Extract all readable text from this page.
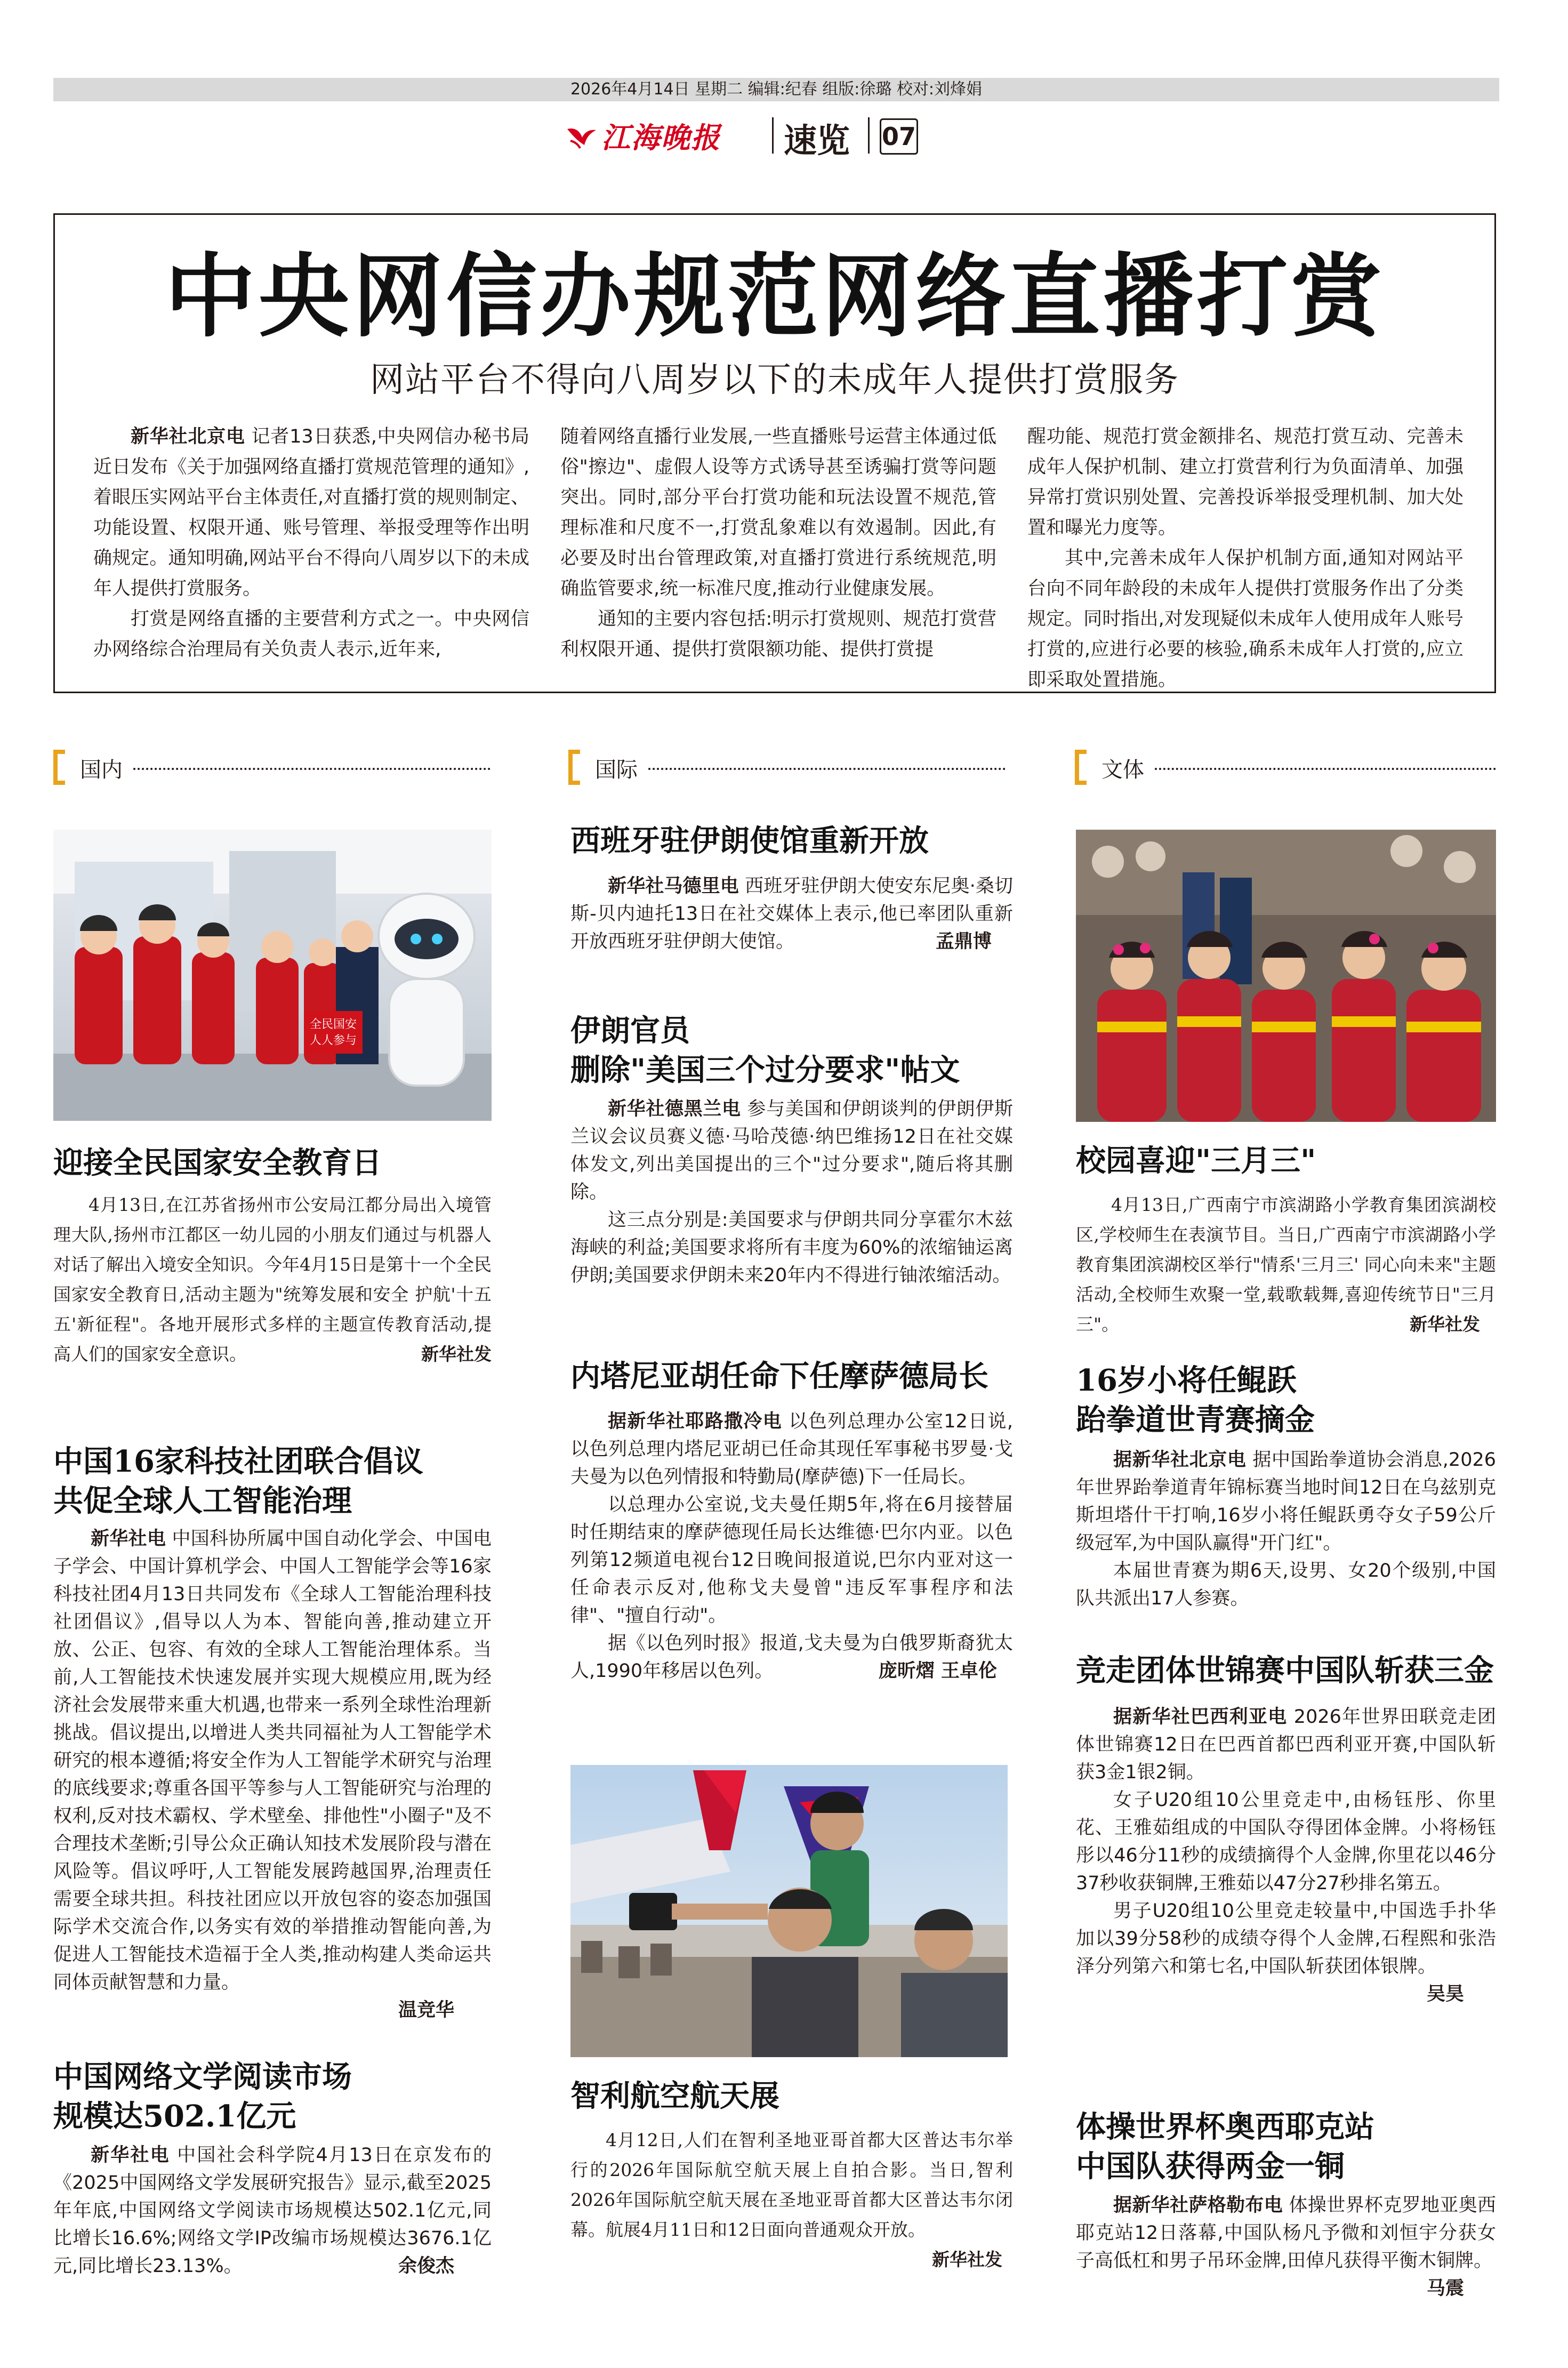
2026年4月14日 星期二 编辑:纪春 组版:徐璐 校对:刘烽娟
江海晚报 速览 07
中央网信办规范网络直播打赏
网站平台不得向八周岁以下的未成年人提供打赏服务

新华社北京电 记者13日获悉,中央网信办秘书局近日发布《关于加强网络直播打赏规范管理的通知》,着眼压实网站平台主体责任,对直播打赏的规则制定、功能设置、权限开通、账号管理、举报受理等作出明确规定。通知明确,网站平台不得向八周岁以下的未成年人提供打赏服务。

打赏是网络直播的主要营利方式之一。中央网信办网络综合治理局有关负责人表示,近年来,

随着网络直播行业发展,一些直播账号运营主体通过低俗"擦边"、虚假人设等方式诱导甚至诱骗打赏等问题突出。同时,部分平台打赏功能和玩法设置不规范,管理标准和尺度不一,打赏乱象难以有效遏制。因此,有必要及时出台管理政策,对直播打赏进行系统规范,明确监管要求,统一标准尺度,推动行业健康发展。

通知的主要内容包括:明示打赏规则、规范打赏营利权限开通、提供打赏限额功能、提供打赏提

醒功能、规范打赏金额排名、规范打赏互动、完善未成年人保护机制、建立打赏营利行为负面清单、加强异常打赏识别处置、完善投诉举报受理机制、加大处置和曝光力度等。

其中,完善未成年人保护机制方面,通知对网站平台向不同年龄段的未成年人提供打赏服务作出了分类规定。同时指出,对发现疑似未成年人使用成年人账号打赏的,应进行必要的核验,确系未成年人打赏的,应立即采取处置措施。

国内	国际	文体
全民国安
人人参与
迎接全民国家安全教育日

4月13日,在江苏省扬州市公安局江都分局出入境管理大队,扬州市江都区一幼儿园的小朋友们通过与机器人对话了解出入境安全知识。今年4月15日是第十一个全民国家安全教育日,活动主题为"统筹发展和安全 护航'十五五'新征程"。各地开展形式多样的主题宣传教育活动,提高人们的国家安全意识。	新华社发

中国16家科技社团联合倡议
共促全球人工智能治理

新华社电 中国科协所属中国自动化学会、中国电子学会、中国计算机学会、中国人工智能学会等16家科技社团4月13日共同发布《全球人工智能治理科技社团倡议》,倡导以人为本、智能向善,推动建立开放、公正、包容、有效的全球人工智能治理体系。当前,人工智能技术快速发展并实现大规模应用,既为经济社会发展带来重大机遇,也带来一系列全球性治理新挑战。倡议提出,以增进人类共同福祉为人工智能学术研究的根本遵循;将安全作为人工智能学术研究与治理的底线要求;尊重各国平等参与人工智能研究与治理的权利,反对技术霸权、学术壁垒、排他性"小圈子"及不合理技术垄断;引导公众正确认知技术发展阶段与潜在风险等。倡议呼吁,人工智能发展跨越国界,治理责任需要全球共担。科技社团应以开放包容的姿态加强国际学术交流合作,以务实有效的举措推动智能向善,为促进人工智能技术造福于全人类,推动构建人类命运共同体贡献智慧和力量。

温竞华
中国网络文学阅读市场
规模达502.1亿元

新华社电 中国社会科学院4月13日在京发布的《2025中国网络文学发展研究报告》显示,截至2025年年底,中国网络文学阅读市场规模达502.1亿元,同比增长16.6%;网络文学IP改编市场规模达3676.1亿元,同比增长23.13%。	余俊杰
西班牙驻伊朗使馆重新开放

新华社马德里电 西班牙驻伊朗大使安东尼奥·桑切斯-贝内迪托13日在社交媒体上表示,他已率团队重新开放西班牙驻伊朗大使馆。	孟鼎博

伊朗官员
删除"美国三个过分要求"帖文

新华社德黑兰电 参与美国和伊朗谈判的伊朗伊斯兰议会议员赛义德·马哈茂德·纳巴维扬12日在社交媒体发文,列出美国提出的三个"过分要求",随后将其删除。

这三点分别是:美国要求与伊朗共同分享霍尔木兹海峡的利益;美国要求将所有丰度为60%的浓缩铀运离伊朗;美国要求伊朗未来20年内不得进行铀浓缩活动。

内塔尼亚胡任命下任摩萨德局长

据新华社耶路撒冷电 以色列总理办公室12日说,以色列总理内塔尼亚胡已任命其现任军事秘书罗曼·戈夫曼为以色列情报和特勤局(摩萨德)下一任局长。

以总理办公室说,戈夫曼任期5年,将在6月接替届时任期结束的摩萨德现任局长达维德·巴尔内亚。以色列第12频道电视台12日晚间报道说,巴尔内亚对这一任命表示反对,他称戈夫曼曾"违反军事程序和法律"、"擅自行动"。

据《以色列时报》报道,戈夫曼为白俄罗斯裔犹太人,1990年移居以色列。	庞昕熠 王卓伦

智利航空航天展

4月12日,人们在智利圣地亚哥首都大区普达韦尔举行的2026年国际航空航天展上自拍合影。当日,智利2026年国际航空航天展在圣地亚哥首都大区普达韦尔闭幕。航展4月11日和12日面向普通观众开放。
新华社发

校园喜迎"三月三"

4月13日,广西南宁市滨湖路小学教育集团滨湖校区,学校师生在表演节目。当日,广西南宁市滨湖路小学教育集团滨湖校区举行"情系'三月三' 同心向未来"主题活动,全校师生欢聚一堂,载歌载舞,喜迎传统节日"三月三"。	新华社发

16岁小将任鲲跃
跆拳道世青赛摘金

据新华社北京电 据中国跆拳道协会消息,2026年世界跆拳道青年锦标赛当地时间12日在乌兹别克斯坦塔什干打响,16岁小将任鲲跃勇夺女子59公斤级冠军,为中国队赢得"开门红"。

本届世青赛为期6天,设男、女20个级别,中国队共派出17人参赛。

竞走团体世锦赛中国队斩获三金

据新华社巴西利亚电 2026年世界田联竞走团体世锦赛12日在巴西首都巴西利亚开赛,中国队斩获3金1银2铜。

女子U20组10公里竞走中,由杨钰彤、你里花、王雅茹组成的中国队夺得团体金牌。小将杨钰彤以46分11秒的成绩摘得个人金牌,你里花以46分37秒收获铜牌,王雅茹以47分27秒排名第五。

男子U20组10公里竞走较量中,中国选手扑华加以39分58秒的成绩夺得个人金牌,石程熙和张浩泽分列第六和第七名,中国队斩获团体银牌。
吴昊

体操世界杯奥西耶克站
中国队获得两金一铜

据新华社萨格勒布电 体操世界杯克罗地亚奥西耶克站12日落幕,中国队杨凡予微和刘恒宇分获女子高低杠和男子吊环金牌,田倬凡获得平衡木铜牌。
马震
